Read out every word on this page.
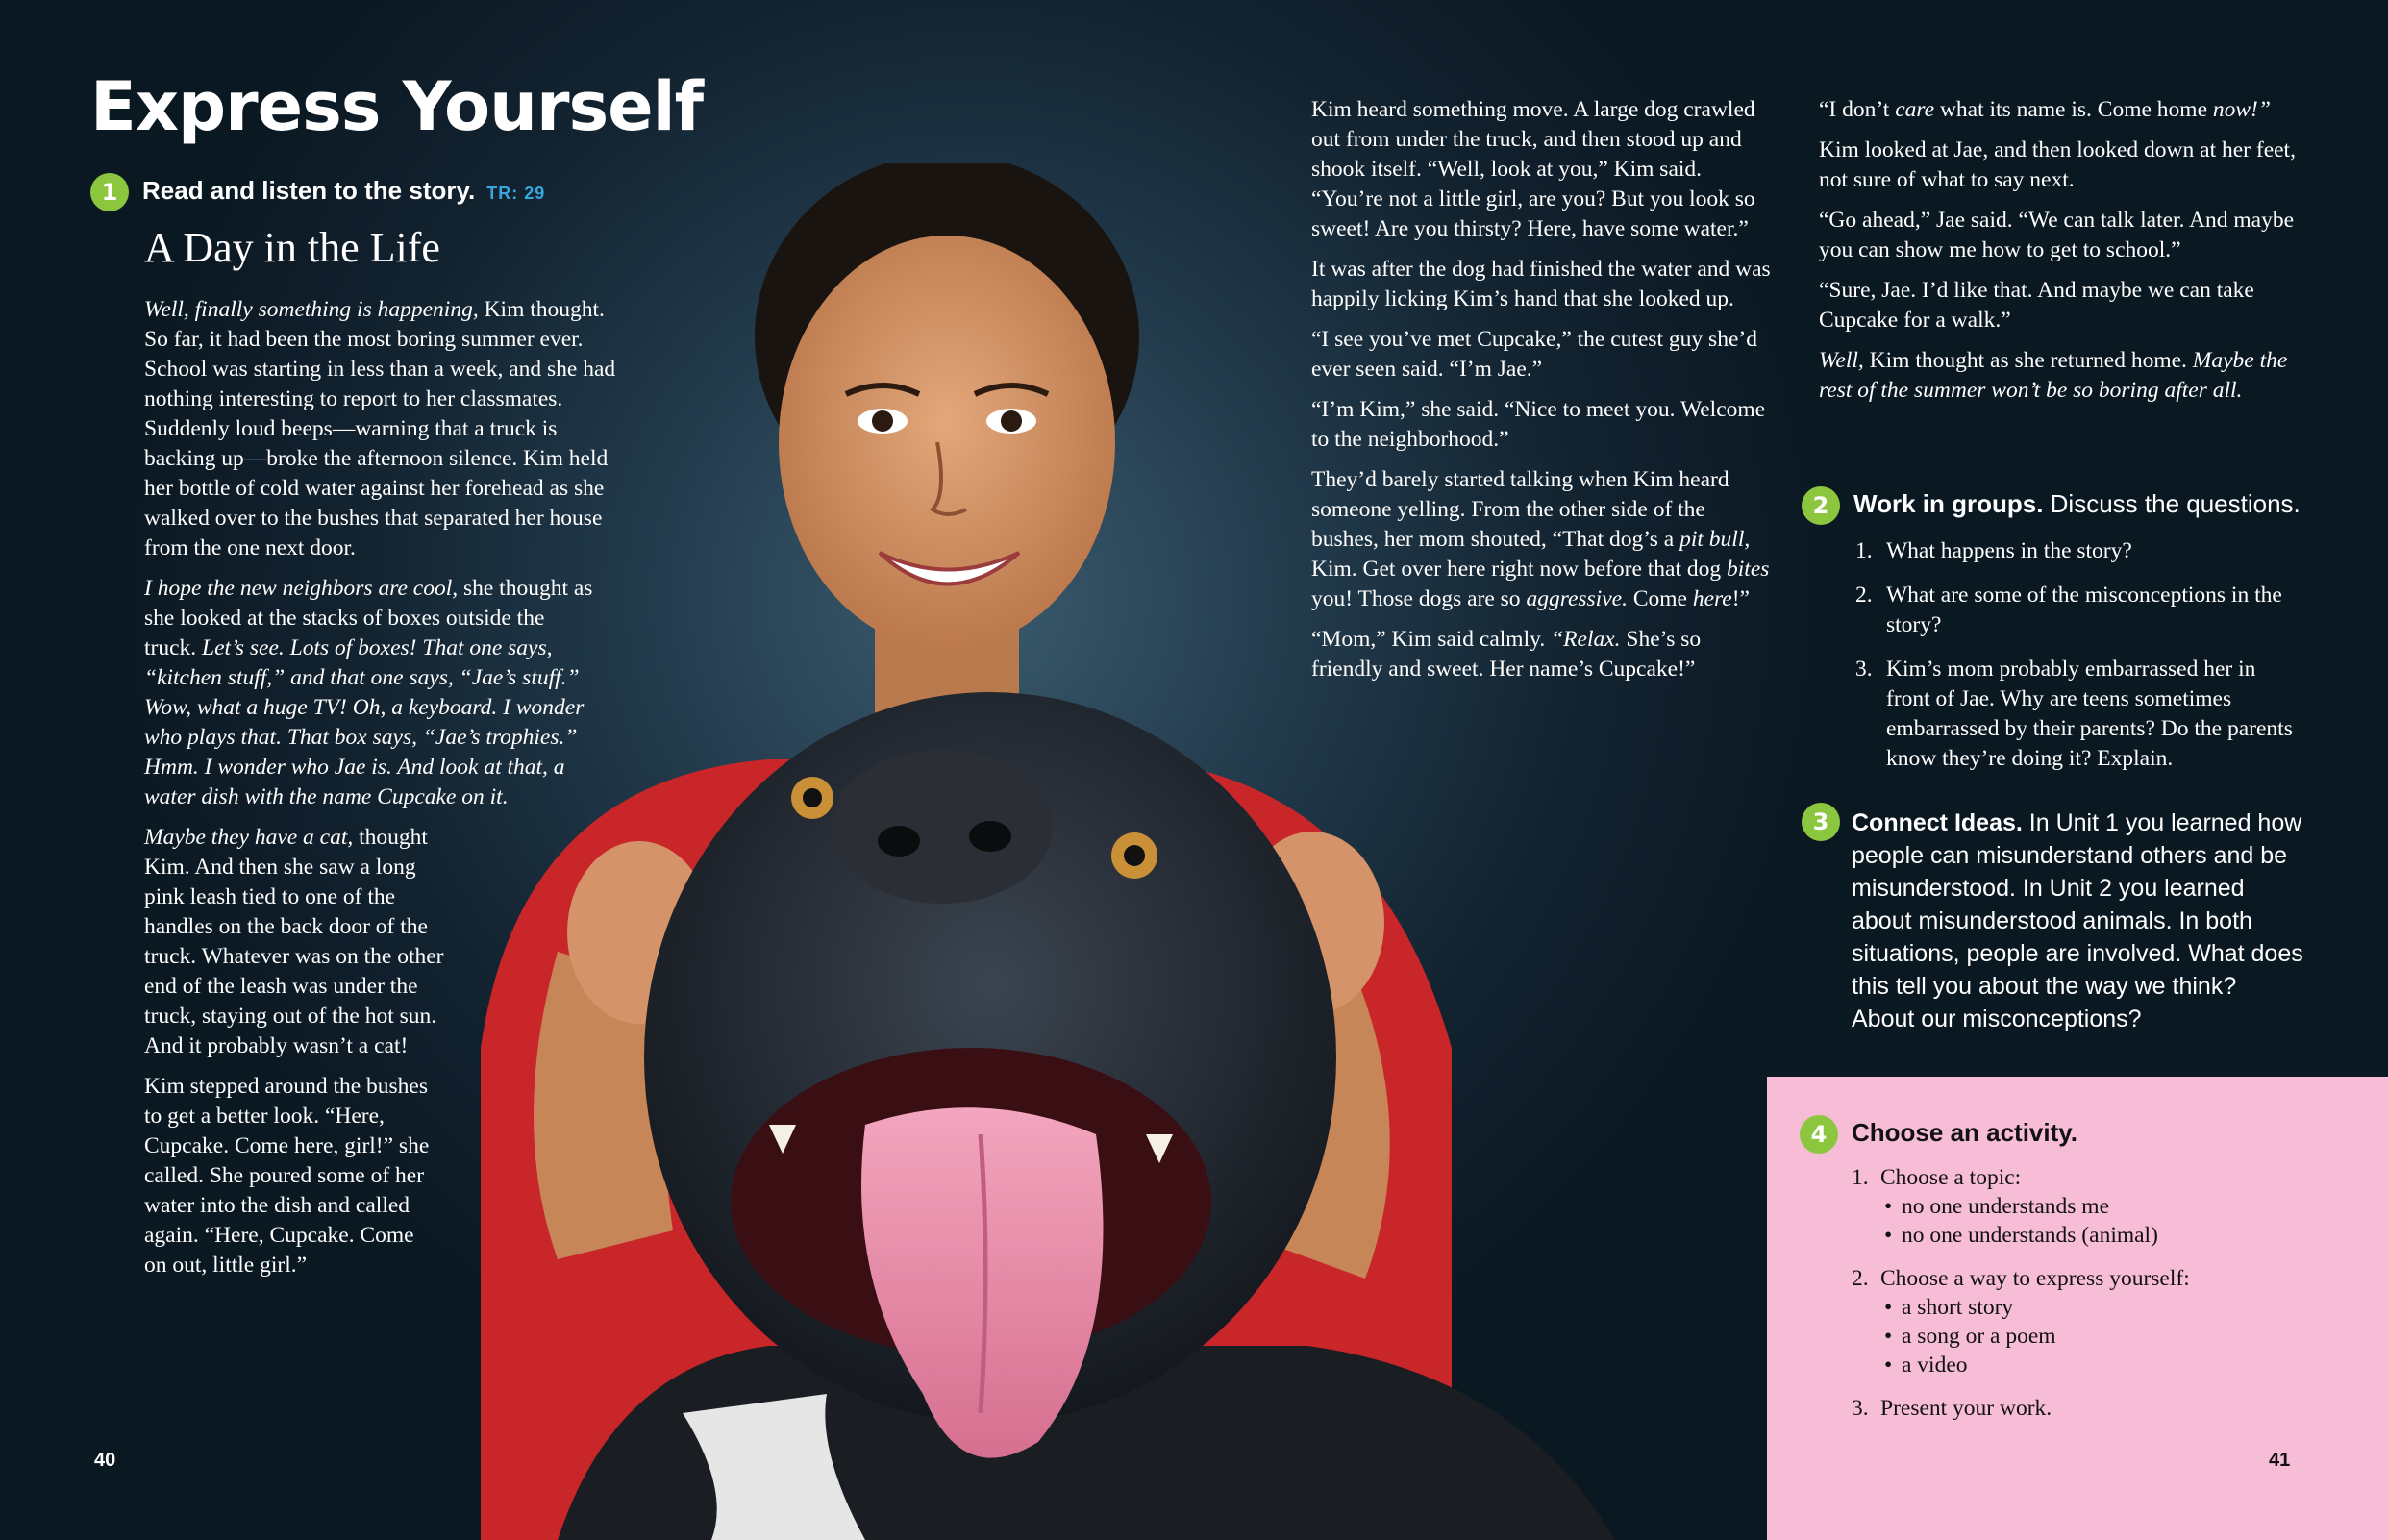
Express Yourself
1 Read and listen to the story. TR: 29
A Day in the Life

Well, finally something is happening, Kim thought. So far, it had been the most boring summer ever. School was starting in less than a week, and she had nothing interesting to report to her classmates. Suddenly loud beeps—warning that a truck is backing up—broke the afternoon silence. Kim held her bottle of cold water against her forehead as she walked over to the bushes that separated her house from the one next door.

I hope the new neighbors are cool, she thought as she looked at the stacks of boxes outside the truck. Let’s see. Lots of boxes! That one says, “kitchen stuff,” and that one says, “Jae’s stuff.” Wow, what a huge TV! Oh, a keyboard. I wonder who plays that. That box says, “Jae’s trophies.” Hmm. I wonder who Jae is. And look at that, a water dish with the name Cupcake on it.

Maybe they have a cat, thought Kim. And then she saw a long pink leash tied to one of the handles on the back door of the truck. Whatever was on the other end of the leash was under the truck, staying out of the hot sun. And it probably wasn’t a cat!

Kim stepped around the bushes to get a better look. “Here, Cupcake. Come here, girl!” she called. She poured some of her water into the dish and called again. “Here, Cupcake. Come on out, little girl.”

Kim heard something move. A large dog crawled out from under the truck, and then stood up and shook itself. “Well, look at you,” Kim said. “You’re not a little girl, are you? But you look so sweet! Are you thirsty? Here, have some water.”

It was after the dog had finished the water and was happily licking Kim’s hand that she looked up.

“I see you’ve met Cupcake,” the cutest guy she’d ever seen said. “I’m Jae.”

“I’m Kim,” she said. “Nice to meet you. Welcome to the neighborhood.”

They’d barely started talking when Kim heard someone yelling. From the other side of the bushes, her mom shouted, “That dog’s a pit bull, Kim. Get over here right now before that dog bites you! Those dogs are so aggressive. Come here!”

“Mom,” Kim said calmly. “Relax. She’s so friendly and sweet. Her name’s Cupcake!”

“I don’t care what its name is. Come home now!”

Kim looked at Jae, and then looked down at her feet, not sure of what to say next.

“Go ahead,” Jae said. “We can talk later. And maybe you can show me how to get to school.”

“Sure, Jae. I’d like that. And maybe we can take Cupcake for a walk.”

Well, Kim thought as she returned home. Maybe the rest of the summer won’t be so boring after all.

2 Work in groups. Discuss the questions.
1. What happens in the story?
2. What are some of the misconceptions in the story?
3. Kim’s mom probably embarrassed her in front of Jae. Why are teens sometimes embarrassed by their parents? Do the parents know they’re doing it? Explain.
3 Connect Ideas. In Unit 1 you learned how people can misunderstand others and be misunderstood. In Unit 2 you learned about misunderstood animals. In both situations, people are involved. What does this tell you about the way we think? About our misconceptions?
4 Choose an activity.
1. Choose a topic:
• no one understands me
• no one understands (animal)
2. Choose a way to express yourself:
• a short story
• a song or a poem
• a video
3. Present your work.
40	41
